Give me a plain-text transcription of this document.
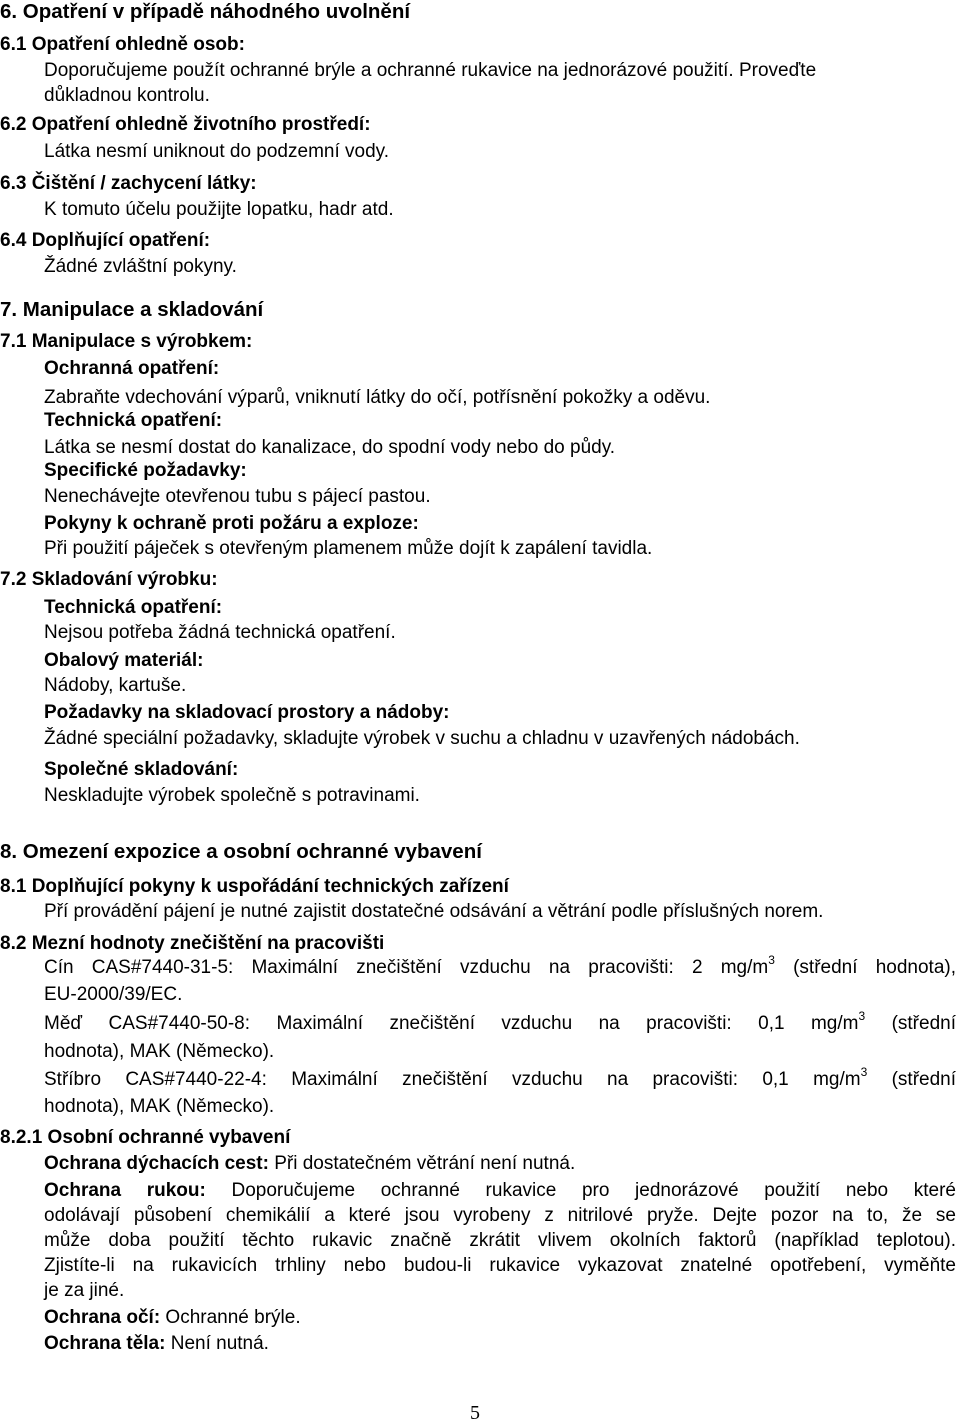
6. Opatření v případě náhodného uvolnění
6.1 Opatření ohledně osob:
Doporučujeme použít ochranné brýle a ochranné rukavice na jednorázové použití. Proveďte
důkladnou kontrolu.
6.2 Opatření ohledně životního prostředí:
Látka nesmí uniknout do podzemní vody.
6.3 Čištění / zachycení látky:
K tomuto účelu použijte lopatku, hadr atd.
6.4 Doplňující opatření:
Žádné zvláštní pokyny.
7. Manipulace a skladování
7.1 Manipulace s výrobkem:
Ochranná opatření:
Zabraňte vdechování výparů, vniknutí látky do očí, potřísnění pokožky a oděvu.
Technická opatření:
Látka se nesmí dostat do kanalizace, do spodní vody nebo do půdy.
Specifické požadavky:
Nenechávejte otevřenou tubu s pájecí pastou.
Pokyny k ochraně proti požáru a exploze:
Při použití páječek s otevřeným plamenem může dojít k zapálení tavidla.
7.2 Skladování výrobku:
Technická opatření:
Nejsou potřeba žádná technická opatření.
Obalový materiál:
Nádoby, kartuše.
Požadavky na skladovací prostory a nádoby:
Žádné speciální požadavky, skladujte výrobek v suchu a chladnu v uzavřených nádobách.
Společné skladování:
Neskladujte výrobek společně s potravinami.
8. Omezení expozice a osobní ochranné vybavení
8.1 Doplňující pokyny k uspořádání technických zařízení
Pří provádění pájení je nutné zajistit dostatečné odsávání a větrání podle příslušných norem.
8.2 Mezní hodnoty znečištění na pracovišti
Cín CAS#7440-31-5: Maximální znečištění vzduchu na pracovišti: 2 $mg/m^3$ (střední hodnota),
EU-2000/39/EC.
Měď CAS#7440-50-8: Maximální znečištění vzduchu na pracovišti: 0,1 $mg/m^3$ (střední
hodnota), MAK (Německo).
Stříbro CAS#7440-22-4: Maximální znečištění vzduchu na pracovišti: 0,1 $mg/m^3$ (střední
hodnota), MAK (Německo).
8.2.1 Osobní ochranné vybavení
Ochrana dýchacích cest: Při dostatečném větrání není nutná.
Ochrana rukou: Doporučujeme ochranné rukavice pro jednorázové použití nebo které
odolávají působení chemikálií a které jsou vyrobeny z nitrilové pryže. Dejte pozor na to, že se
může doba použití těchto rukavic značně zkrátit vlivem okolních faktorů (například teplotou).
Zjistíte-li na rukavicích trhliny nebo budou-li rukavice vykazovat znatelné opotřebení, vyměňte
je za jiné.
Ochrana očí: Ochranné brýle.
Ochrana těla: Není nutná.
5
